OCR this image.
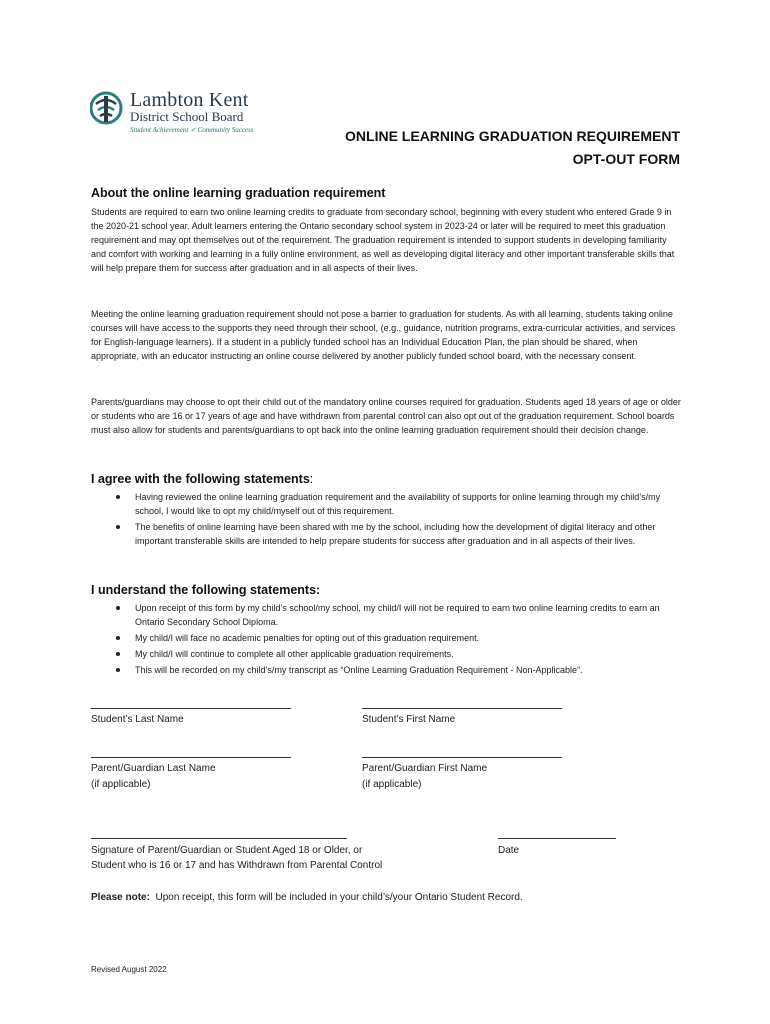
Lambton Kent
District School Board
Student Achievement ✓ Community Success	ONLINE LEARNING GRADUATION REQUIREMENT
OPT-OUT FORM
About the online learning graduation requirement

Students are required to earn two online learning credits to graduate from secondary school, beginning with every student who entered Grade 9 in the 2020-21 school year. Adult learners entering the Ontario secondary school system in 2023-24 or later will be required to meet this graduation requirement and may opt themselves out of the requirement. The graduation requirement is intended to support students in developing familiarity and comfort with working and learning in a fully online environment, as well as developing digital literacy and other important transferable skills that will help prepare them for success after graduation and in all aspects of their lives.

Meeting the online learning graduation requirement should not pose a barrier to graduation for students. As with all learning, students taking online courses will have access to the supports they need through their school, (e.g., guidance, nutrition programs, extra-curricular activities, and services for English-language learners). If a student in a publicly funded school has an Individual Education Plan, the plan should be shared, when appropriate, with an educator instructing an online course delivered by another publicly funded school board, with the necessary consent.

Parents/guardians may choose to opt their child out of the mandatory online courses required for graduation. Students aged 18 years of age or older or students who are 16 or 17 years of age and have withdrawn from parental control can also opt out of the graduation requirement. School boards must also allow for students and parents/guardians to opt back into the online learning graduation requirement should their decision change.

I agree with the following statements:
Having reviewed the online learning graduation requirement and the availability of supports for online learning through my child’s/my school, I would like to opt my child/myself out of this requirement.
The benefits of online learning have been shared with me by the school, including how the development of digital literacy and other important transferable skills are intended to help prepare students for success after graduation and in all aspects of their lives.
I understand the following statements:
Upon receipt of this form by my child’s school/my school, my child/I will not be required to earn two online learning credits to earn an Ontario Secondary School Diploma.
My child/I will face no academic penalties for opting out of this graduation requirement.
My child/I will continue to complete all other applicable graduation requirements.
This will be recorded on my child’s/my transcript as “Online Learning Graduation Requirement - Non-Applicable”.
Student’s Last Name	Student’s First Name
Parent/Guardian Last Name
(if applicable)
Parent/Guardian First Name
(if applicable)
Signature of Parent/Guardian or Student Aged 18 or Older, or
Student who is 16 or 17 and has Withdrawn from Parental Control
Date
Please note: Upon receipt, this form will be included in your child’s/your Ontario Student Record.
Revised August 2022
